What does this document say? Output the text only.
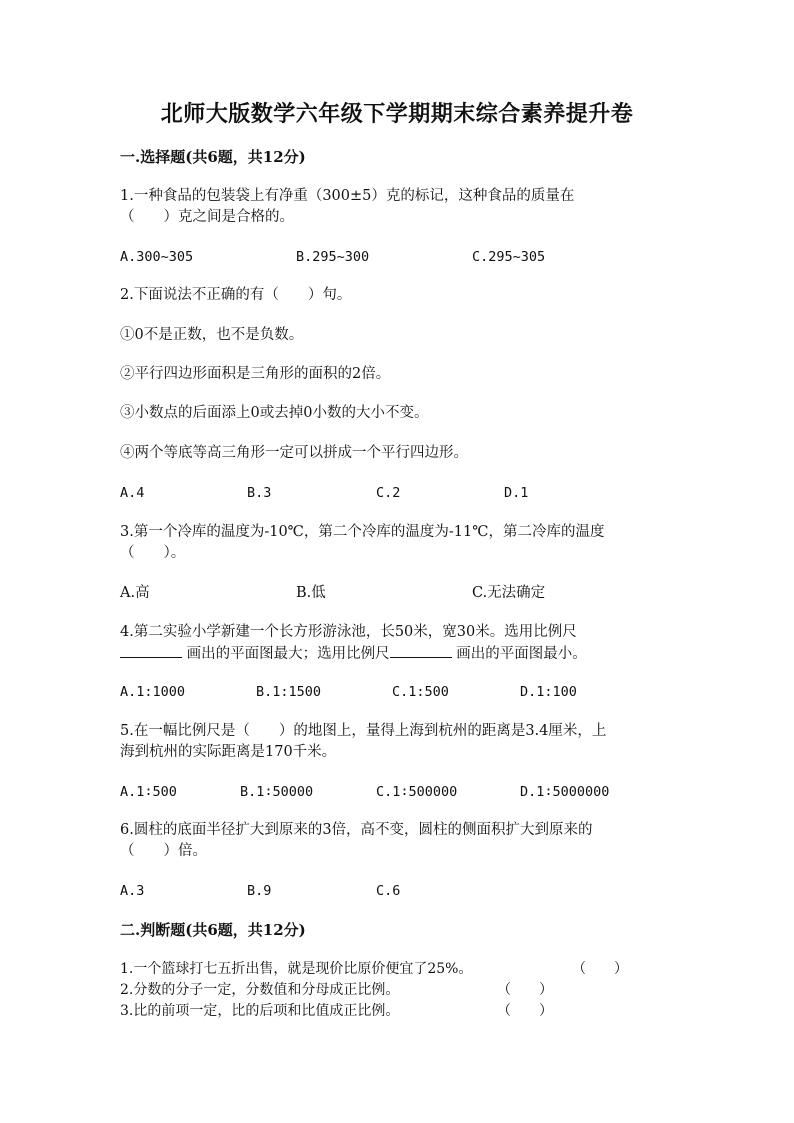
北师大版数学六年级下学期期末综合素养提升卷
一.选择题(共6题，共12分)
1.一种食品的包装袋上有净重（300±5）克的标记，这种食品的质量在
（　　）克之间是合格的。
A.300~305	B.295~300	C.295~305
2.下面说法不正确的有（　　）句。
①0不是正数，也不是负数。
②平行四边形面积是三角形的面积的2倍。
③小数点的后面添上0或去掉0小数的大小不变。
④两个等底等高三角形一定可以拼成一个平行四边形。
A.4	B.3	C.2	D.1
3.第一个冷库的温度为-10℃，第二个冷库的温度为-11℃，第二冷库的温度
（　　）。
A.高	B.低	C.无法确定
4.第二实验小学新建一个长方形游泳池，长50米，宽30米。选用比例尺
画出的平面图最大；选用比例尺	画出的平面图最小。
A.1:1000	B.1:1500	C.1:500	D.1:100
5.在一幅比例尺是（　　）的地图上，量得上海到杭州的距离是3.4厘米，上
海到杭州的实际距离是170千米。
A.1∶500	B.1∶50000	C.1∶500000	D.1∶5000000
6.圆柱的底面半径扩大到原来的3倍，高不变，圆柱的侧面积扩大到原来的
（　　）倍。
A.3	B.9	C.6
二.判断题(共6题，共12分)
1.一个篮球打七五折出售，就是现价比原价便宜了25%。	（　　）
2.分数的分子一定，分数值和分母成正比例。	（　　）
3.比的前项一定，比的后项和比值成正比例。	（　　）
